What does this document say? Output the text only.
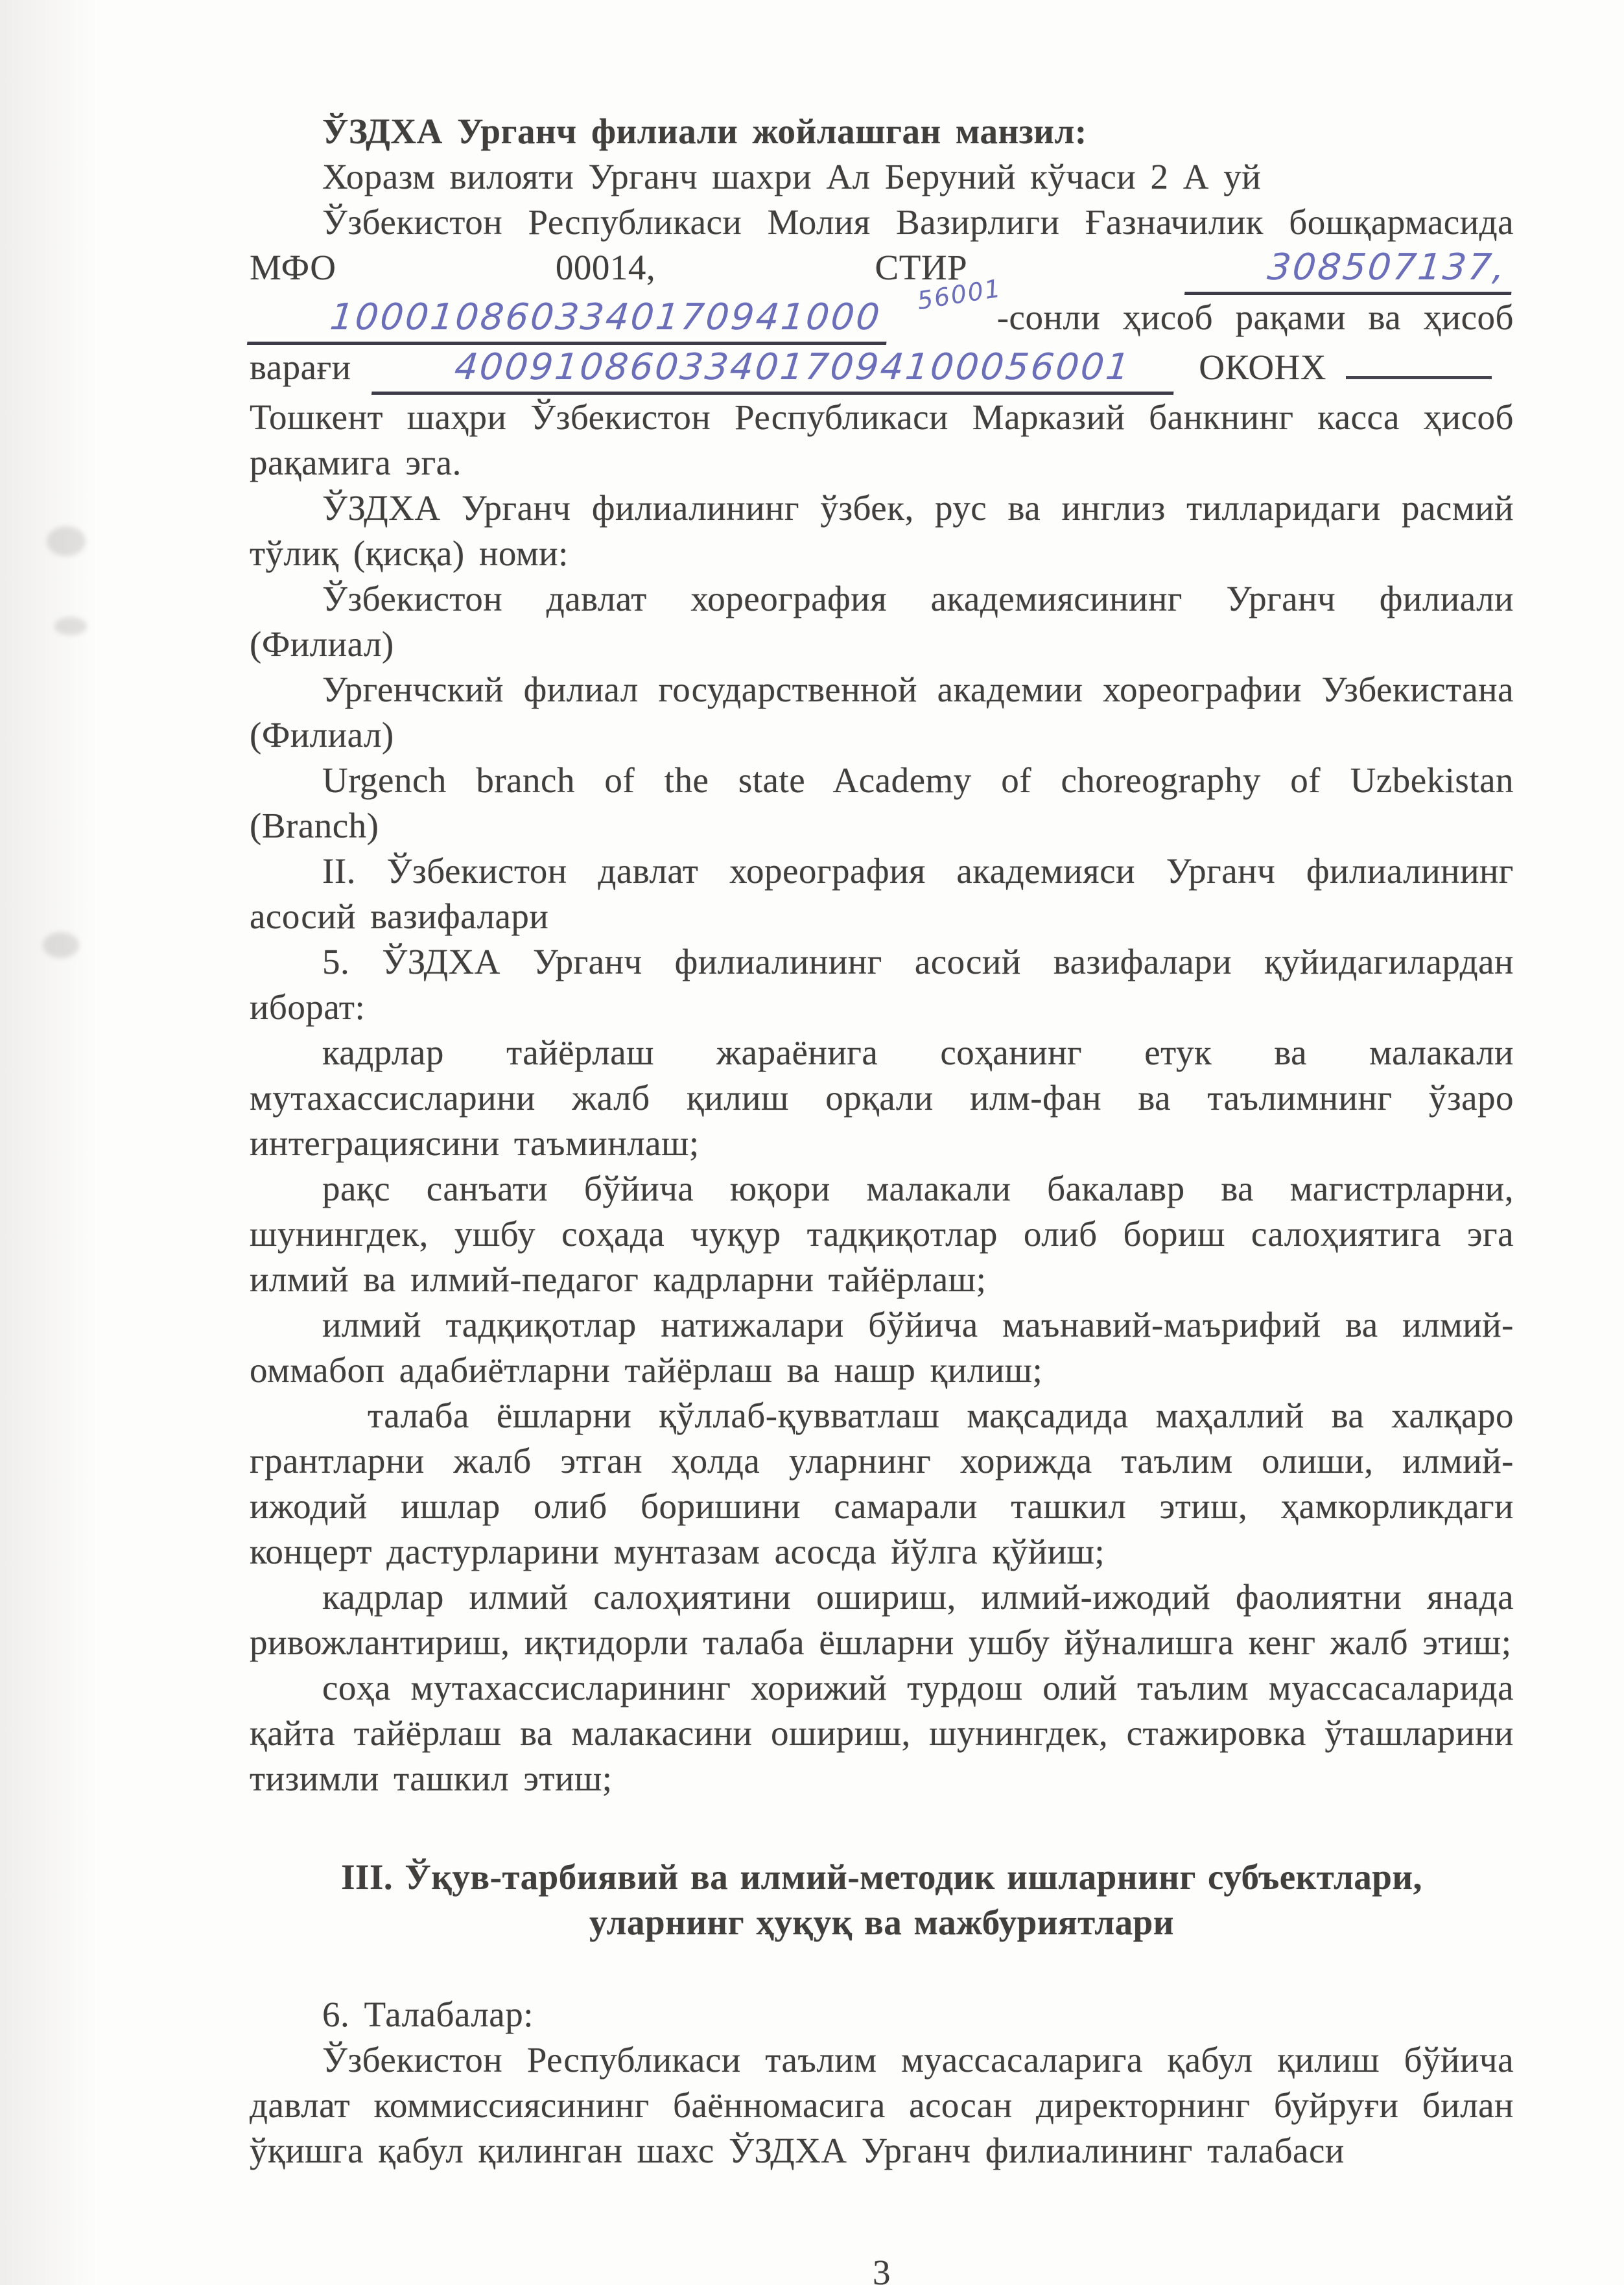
ЎЗДХА Урганч филиали жойлашган манзил:

Хоразм вилояти Урганч шахри Ал Беруний кўчаси 2 А уй

Ўзбекистон Республикаси Молия Вазирлиги Ғазначилик бошқармасида МФО 00014, СТИР	308507137, 100010860334017094100056001-сонли ҳисоб рақами ва ҳисоб варағи	400910860334017094100056001 ОКОНХТошкент шаҳри Ўзбекистон Республикаси Марказий банкнинг касса ҳисоб рақамига эга.

ЎЗДХА Урганч филиалининг ўзбек, рус ва инглиз тилларидаги расмий тўлиқ (қисқа) номи:

Ўзбекистон давлат хореография академиясининг Урганч филиали (Филиал)

Ургенчский филиал государственной академии хореографии Узбекистана (Филиал)

Urgench branch of the state Academy of choreography of Uzbekistan (Branch)

II. Ўзбекистон давлат хореография академияси Урганч филиалининг асосий вазифалари

5. ЎЗДХА Урганч филиалининг асосий вазифалари қуйидагилардан иборат:

кадрлар тайёрлаш жараёнига соҳанинг етук ва малакали мутахассисларини жалб қилиш орқали илм-фан ва таълимнинг ўзаро интеграциясини таъминлаш;

рақс санъати бўйича юқори малакали бакалавр ва магистрларни, шунингдек, ушбу соҳада чуқур тадқиқотлар олиб бориш салоҳиятига эга илмий ва илмий-педагог кадрларни тайёрлаш;

илмий тадқиқотлар натижалари бўйича маънавий-маърифий ва илмий-оммабоп адабиётларни тайёрлаш ва нашр қилиш;

талаба ёшларни қўллаб-қувватлаш мақсадида маҳаллий ва халқаро грантларни жалб этган ҳолда уларнинг хорижда таълим олиши, илмий-ижодий ишлар олиб боришини самарали ташкил этиш, ҳамкорликдаги концерт дастурларини мунтазам асосда йўлга қўйиш;

кадрлар илмий салоҳиятини ошириш, илмий-ижодий фаолиятни янада ривожлантириш, иқтидорли талаба ёшларни ушбу йўналишга кенг жалб этиш;

соҳа мутахассисларининг хорижий турдош олий таълим муассасаларида қайта тайёрлаш ва малакасини ошириш, шунингдек, стажировка ўташларини тизимли ташкил этиш;

III. Ўқув-тарбиявий ва илмий-методик ишларнинг субъектлари,

уларнинг ҳуқуқ ва мажбуриятлари

6. Талабалар:

Ўзбекистон Республикаси таълим муассасаларига қабул қилиш бўйича давлат коммиссиясининг баённомасига асосан директорнинг буйруғи билан ўқишга қабул қилинган шахс ЎЗДХА Урганч филиалининг талабаси

3
